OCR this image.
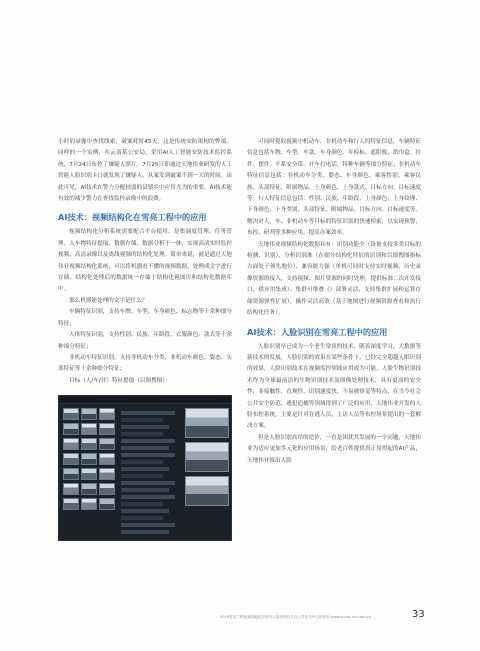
小时的录像中查找线索，破案耗时45天，这是传统安防架构的弊端。同样的一个实例，在云南某公安局，采用AI人工智能安防技术监控系统，7月24日布控了嫌疑人照片，7月25日即通过天地伟业研发的人工智能人脸识别卡口就发现了嫌疑人，从案发到破案不到一天的时间。由此可见，AI技术在警力分配较弱的县镇乡中应用尤为的重要。AI技术能有效的减少警力在查找监控录像中的浪费。

AI技术：视频结构化在雪亮工程中的应用

视频结构化分析系统需要配合平台使用，是集调度管理、任务管理、人车物特征提取、数据存储、数据分析于一体，实现高清实时监控视频、高清录像以及离线视频的结构化处理。简单来说，就是通过天地伟业视频结构化系统，可以将机器看不懂的视频数据，处理成文字进行存储。结构化处理后的数据统一存储于结构化视图库和结构化数据库中。

那么机器能处理的文字是什么？

车辆特征识别，支持车牌、车型、车身颜色、标志物等十余种细分特征；

人体特征识别，支持性别、民族、年龄段、衣服颜色、款式等十余种细分特征；

非机动车特征识别，支持非机动车分类、非机动车颜色、姿态、头部特征等十余种细分特征；

目标（人/车/非）特征提取（以图搜图）：

可同时提取视频中机动车、非机动车和行人的特征信息，车辆特征信息包括车牌、车型、车款、车身颜色、年检标、遮阳板、纸巾盒、挂件、摆件、不系安全带、开车打电话、特种车辆等细分特征；非机动车特征信息包括：非机动车分类、姿态、车身颜色、乘客性别、乘客民族、头部特征、附属物品、上身颜色、上身款式、目标方向、目标速度等。行人特征信息包括：性别、民族、年龄段、上身颜色、上身纹理、下身颜色、下身类别、头部特征、附属物品、目标方向、目标速度等。解决对人、车、非机动车等目标的特征识别的快速检索，以实现预警、布控、研判等多种应用，提高办案效率。

天地伟业视频结构化数据具有：识别功能全（设备支持多类目标的检测、识别）、分析识别准（在细分结构化特征的识别和以图搜图指标方面处于领先地位）、兼容能力强（单机可同时支持实时视频、历史录像资源的接入，支持视频、图片资源的同时处理，提供标准二次开发接口，供应用集成）、集群可堆叠（）部署灵活，支持集群扩展和运算存储资源弹性扩展），操作灵活高效（基于地图进行视频资源查看和执行结构化任务）。

AI技术：人脸识别在雪亮工程中的应用

人脸识别早已成为一个老生常谈的技术，随着深度学习，大数据等新技术的发展，人脸识别的效果在某些条件下，已经完全超越人眼识别的效果，人脸识别技术在视频监控领域应用成为可能。人脸生物识别技术作为全球最前沿的生物识别技术及图像处理技术，具有更高的安全性、非接触性、直观性、识别速度快、不易被察觉等特点，在当今社会公共安全防范、逃犯追捕等领域得到了广泛的应用。天地伟业开发的人脸布控系统，主要是针对在逃人员、上访人员等布控场景提出的一套解决方案。

但是人脸识别高昂的造价，一直是困扰其发展的一个问题，天地伟业为适应更加多元化的应用场景，给老百姓提供真正用得起的AI产品，天地伟业推出人脸

2019雪亮工程视频智能化应用与人脸识别技术在公共安全中心的应用 www.china-ctv.com.cn	33
